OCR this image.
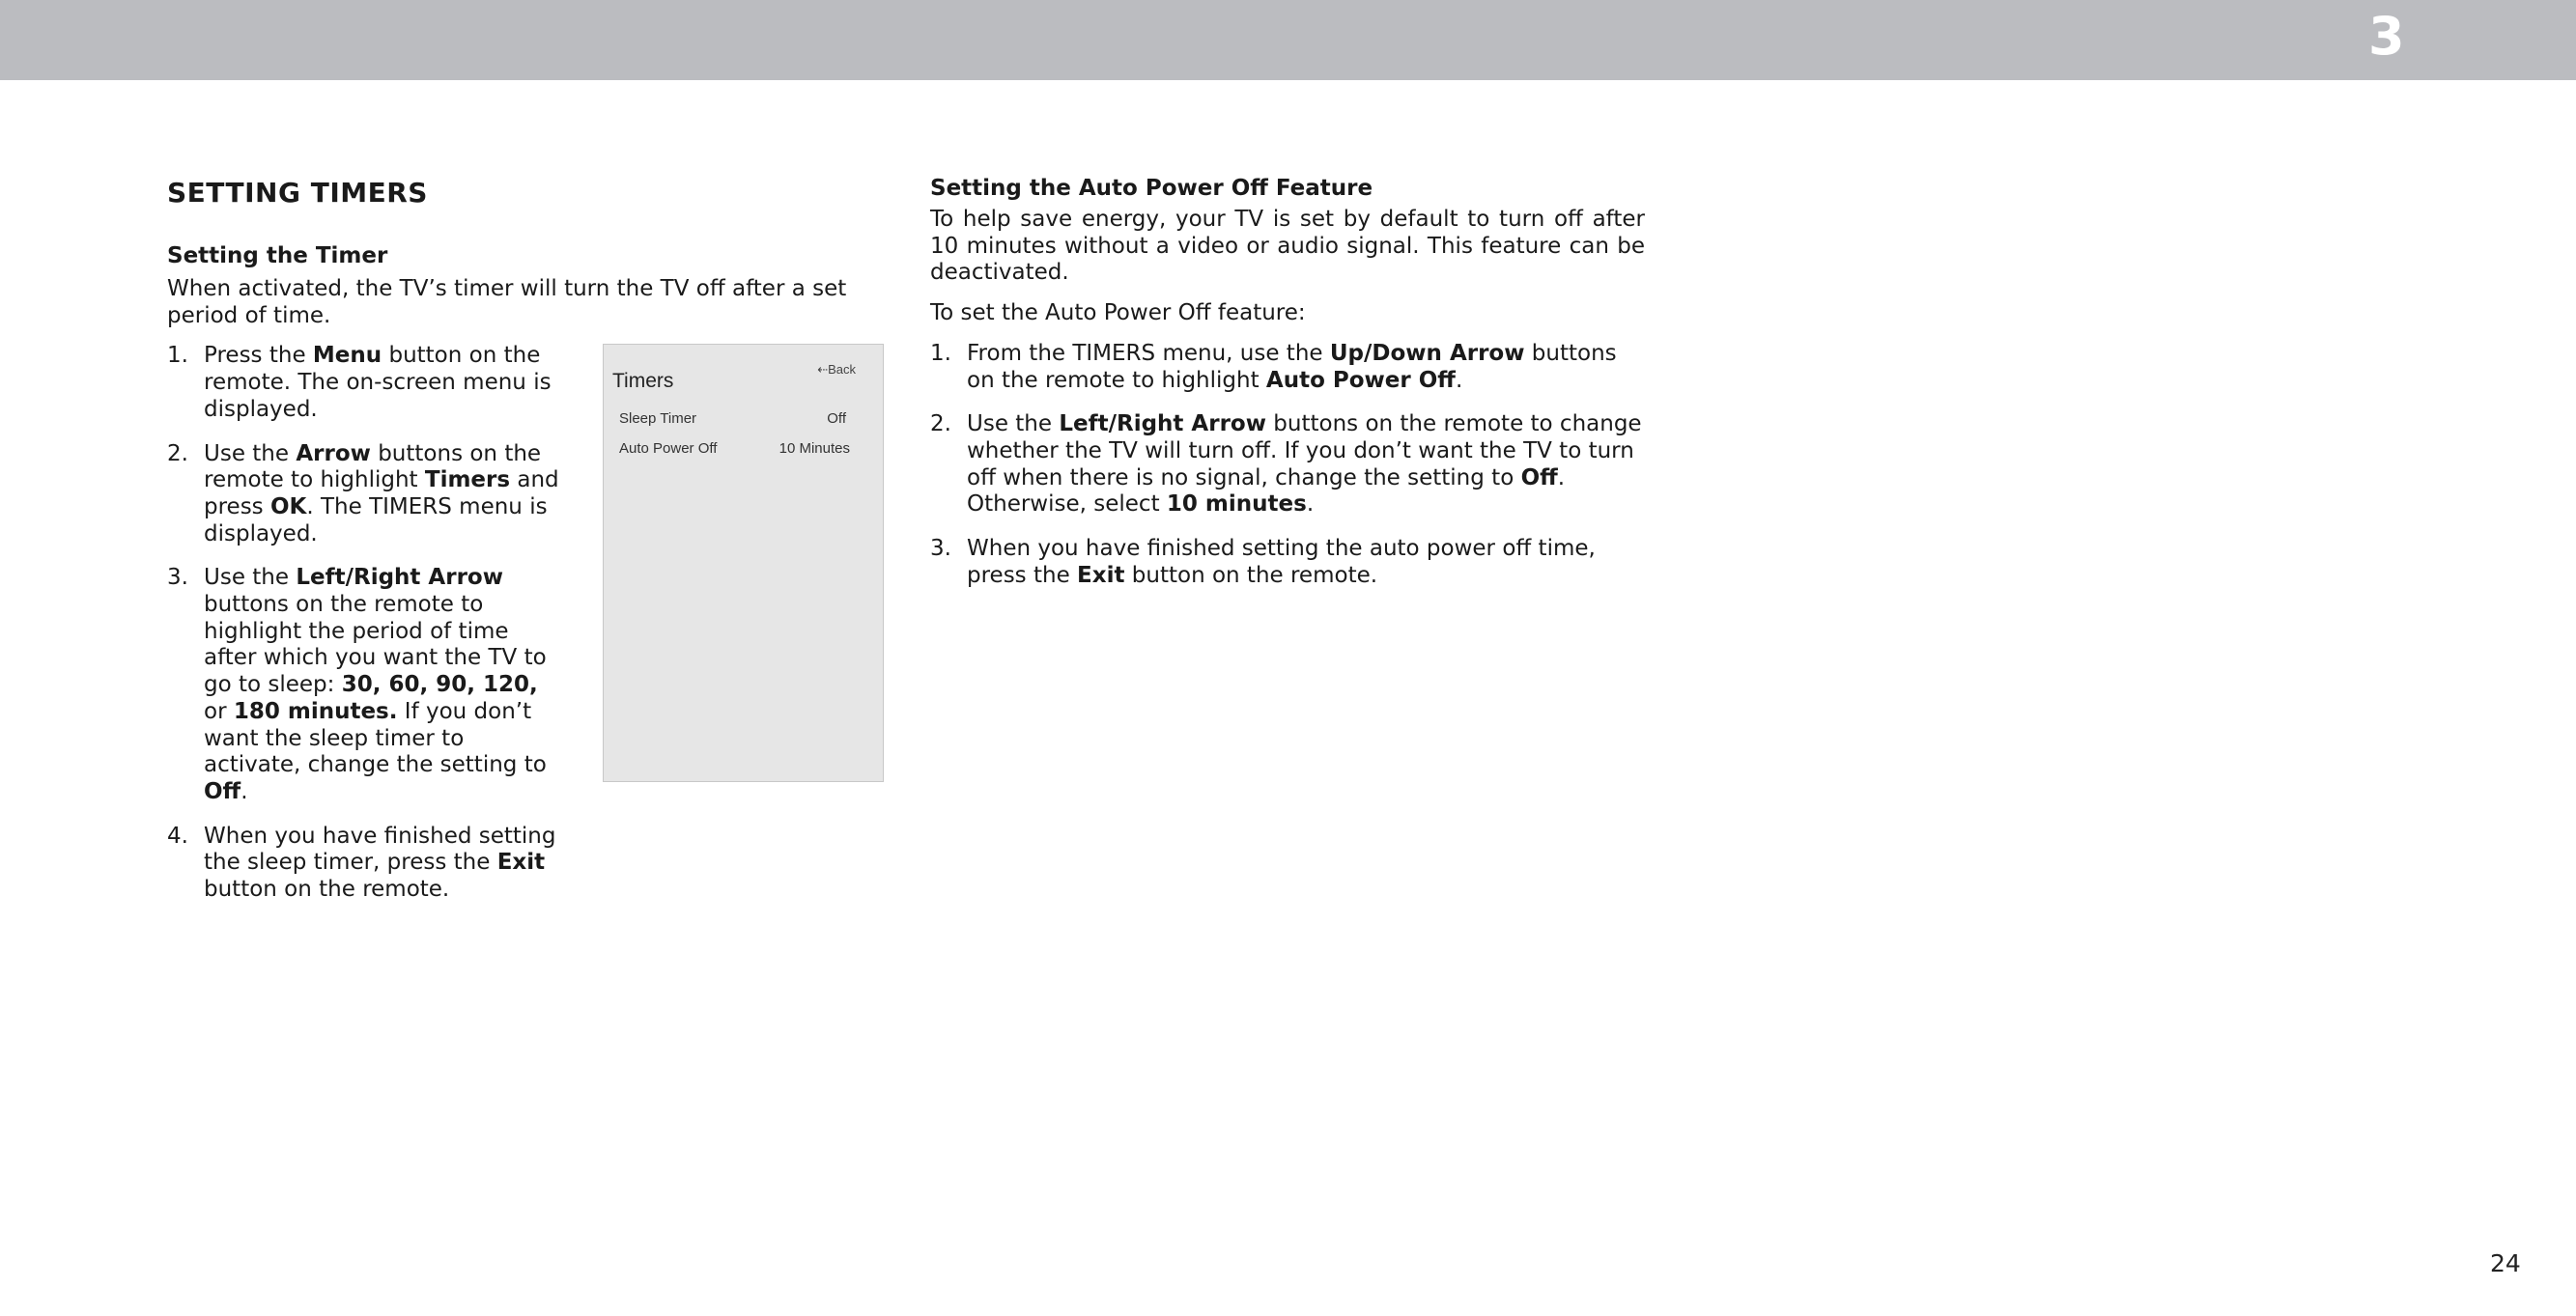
3
SETTING TIMERS
Setting the Timer

When activated, the TV’s timer will turn the TV off after a set period of time.

1. Press the Menu button on the remote. The on-screen menu is displayed.
2. Use the Arrow buttons on the remote to highlight Timers and press OK. The TIMERS menu is displayed.
3. Use the Left/Right Arrow buttons on the remote to highlight the period of time after which you want the TV to go to sleep: 30, 60, 90, 120, or 180 minutes. If you don’t want the sleep timer to activate, change the setting to Off.
4. When you have finished setting the sleep timer, press the Exit button on the remote.
⇠Back
Timers
Sleep Timer	Off
Auto Power Off	10 Minutes
Setting the Auto Power Off Feature

To help save energy, your TV is set by default to turn off after 10 minutes without a video or audio signal. This feature can be deactivated.

To set the Auto Power Off feature:

1. From the TIMERS menu, use the Up/Down Arrow buttons on the remote to highlight Auto Power Off.
2. Use the Left/Right Arrow buttons on the remote to change whether the TV will turn off. If you don’t want the TV to turn off when there is no signal, change the setting to Off. Otherwise, select 10 minutes.
3. When you have finished setting the auto power off time, press the Exit button on the remote.
24
